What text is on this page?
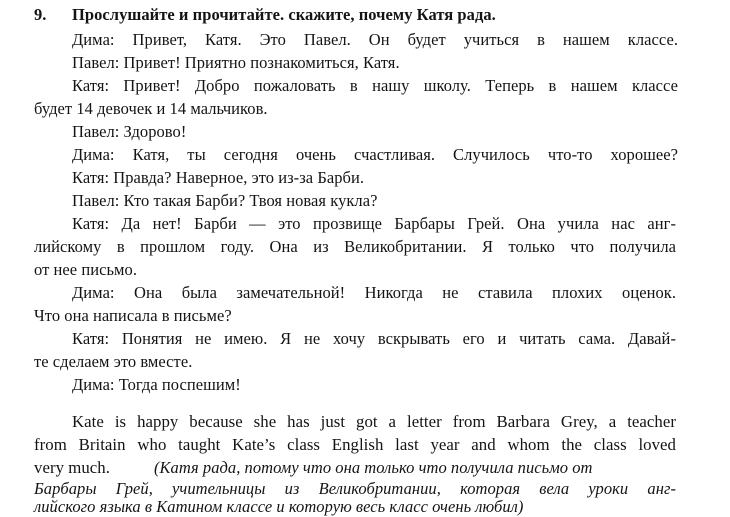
9. Прослушайте и прочитайте. скажите, почему Катя рада.
Дима: Привет, Катя. Это Павел. Он будет учиться в нашем классе.
Павел: Привет! Приятно познакомиться, Катя.
Катя: Привет! Добро пожаловать в нашу школу. Теперь в нашем классе
будет 14 девочек и 14 мальчиков.
Павел: Здорово!
Дима: Катя, ты сегодня очень счастливая. Случилось что-то хорошее?
Катя: Правда? Наверное, это из-за Барби.
Павел: Кто такая Барби? Твоя новая кукла?
Катя: Да нет! Барби — это прозвище Барбары Грей. Она учила нас анг-
лийскому в прошлом году. Она из Великобритании. Я только что получила
от нее письмо.
Дима: Она была замечательной! Никогда не ставила плохих оценок.
Что она написала в письме?
Катя: Понятия не имею. Я не хочу вскрывать его и читать сама. Давай-
те сделаем это вместе.
Дима: Тогда поспешим!
Kate is happy because she has just got a letter from Barbara Grey, a teacher
from Britain who taught Kate’s class English last year and whom the class loved
very much.	(Катя рада, потому что она только что получила письмо от
Барбары Грей, учительницы из Великобритании, которая вела уроки анг-
лийского языка в Катином классе и которую весь класс очень любил)
